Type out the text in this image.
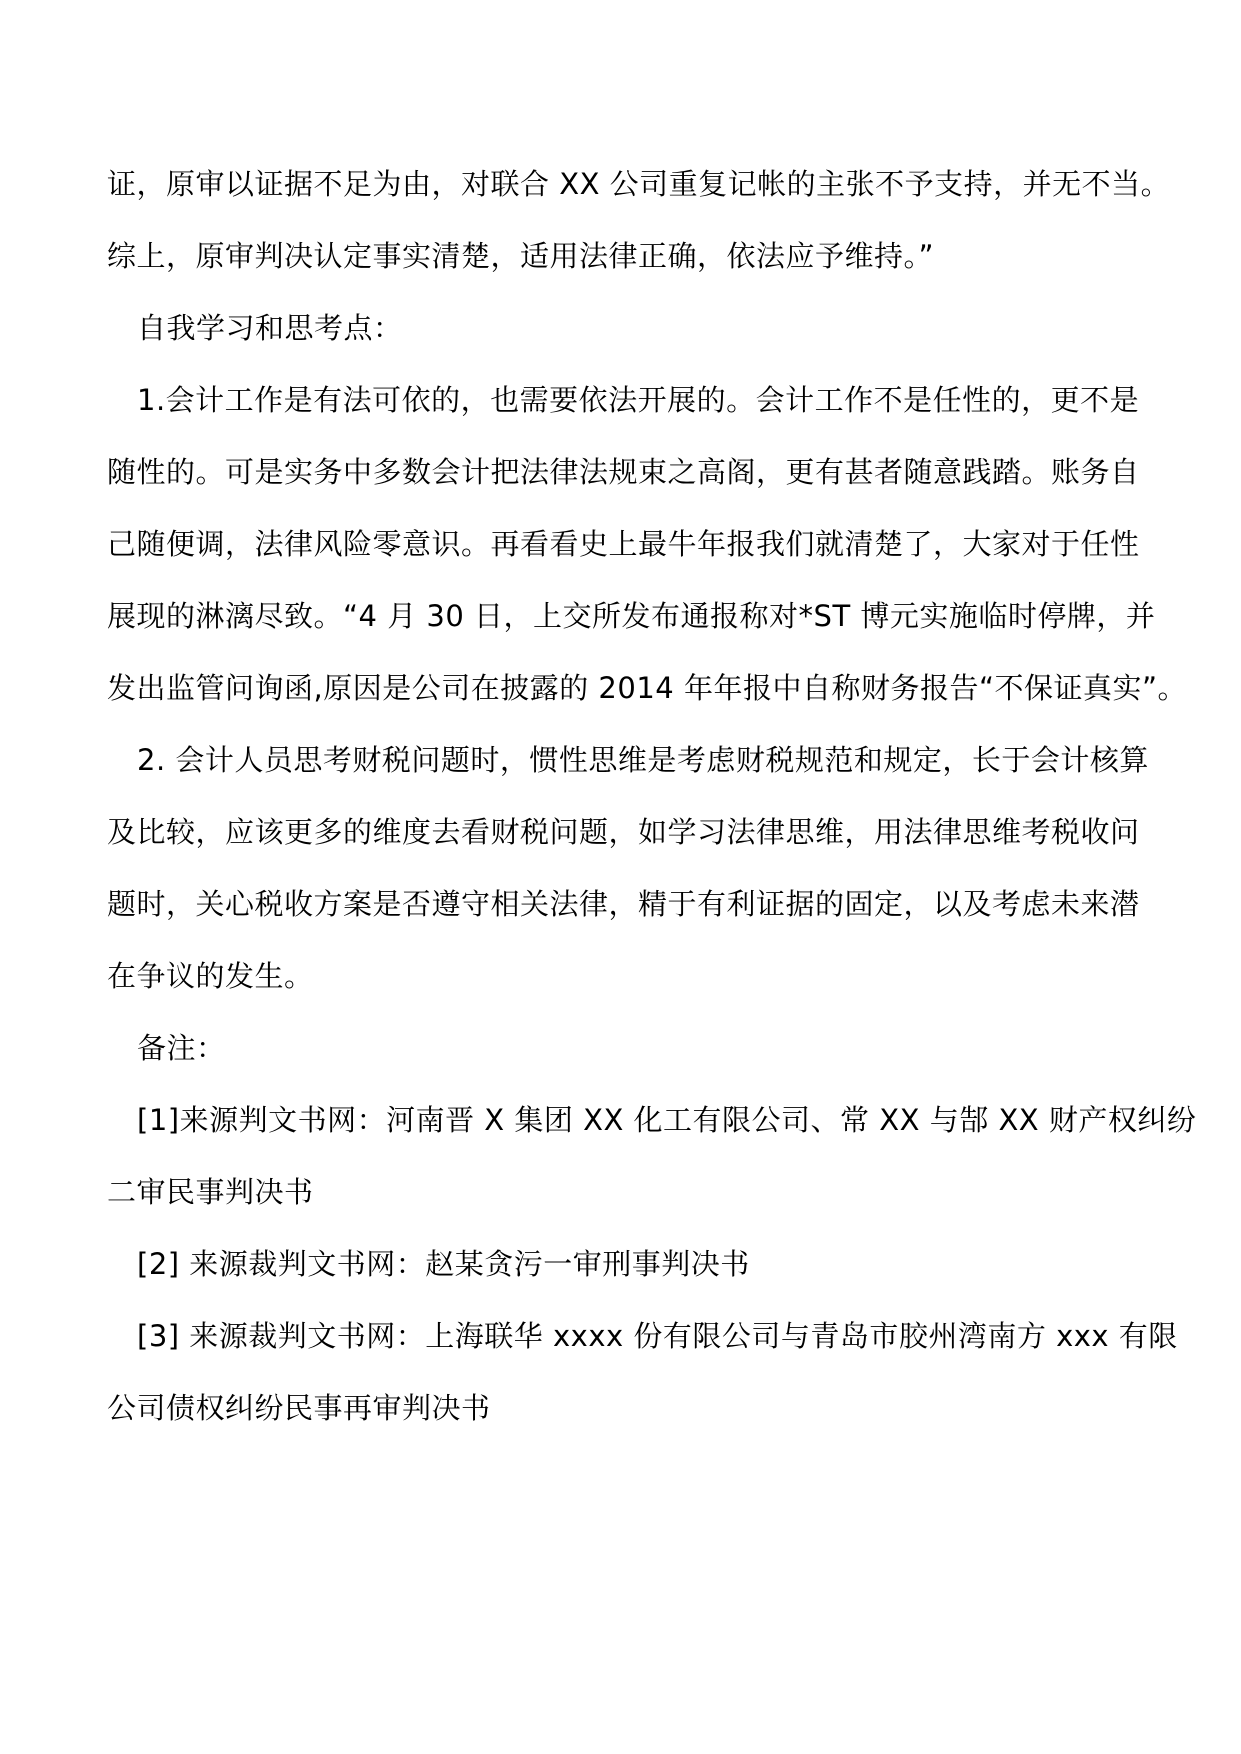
证，原审以证据不足为由，对联合 XX 公司重复记帐的主张不予支持，并无不当。
综上，原审判决认定事实清楚，适用法律正确，依法应予维持。”
自我学习和思考点：
1.会计工作是有法可依的，也需要依法开展的。会计工作不是任性的，更不是
随性的。可是实务中多数会计把法律法规束之高阁，更有甚者随意践踏。账务自
己随便调，法律风险零意识。再看看史上最牛年报我们就清楚了，大家对于任性
展现的淋漓尽致。“4 月 30 日，上交所发布通报称对*ST 博元实施临时停牌，并
发出监管问询函,原因是公司在披露的 2014 年年报中自称财务报告“不保证真实”。
2. 会计人员思考财税问题时，惯性思维是考虑财税规范和规定，长于会计核算
及比较，应该更多的维度去看财税问题，如学习法律思维，用法律思维考税收问
题时，关心税收方案是否遵守相关法律，精于有利证据的固定，以及考虑未来潜
在争议的发生。
备注：
[1]来源判文书网：河南晋 X 集团 XX 化工有限公司、常 XX 与郜 XX 财产权纠纷
二审民事判决书
[2] 来源裁判文书网：赵某贪污一审刑事判决书
[3] 来源裁判文书网：上海联华 xxxx 份有限公司与青岛市胶州湾南方 xxx 有限
公司债权纠纷民事再审判决书
